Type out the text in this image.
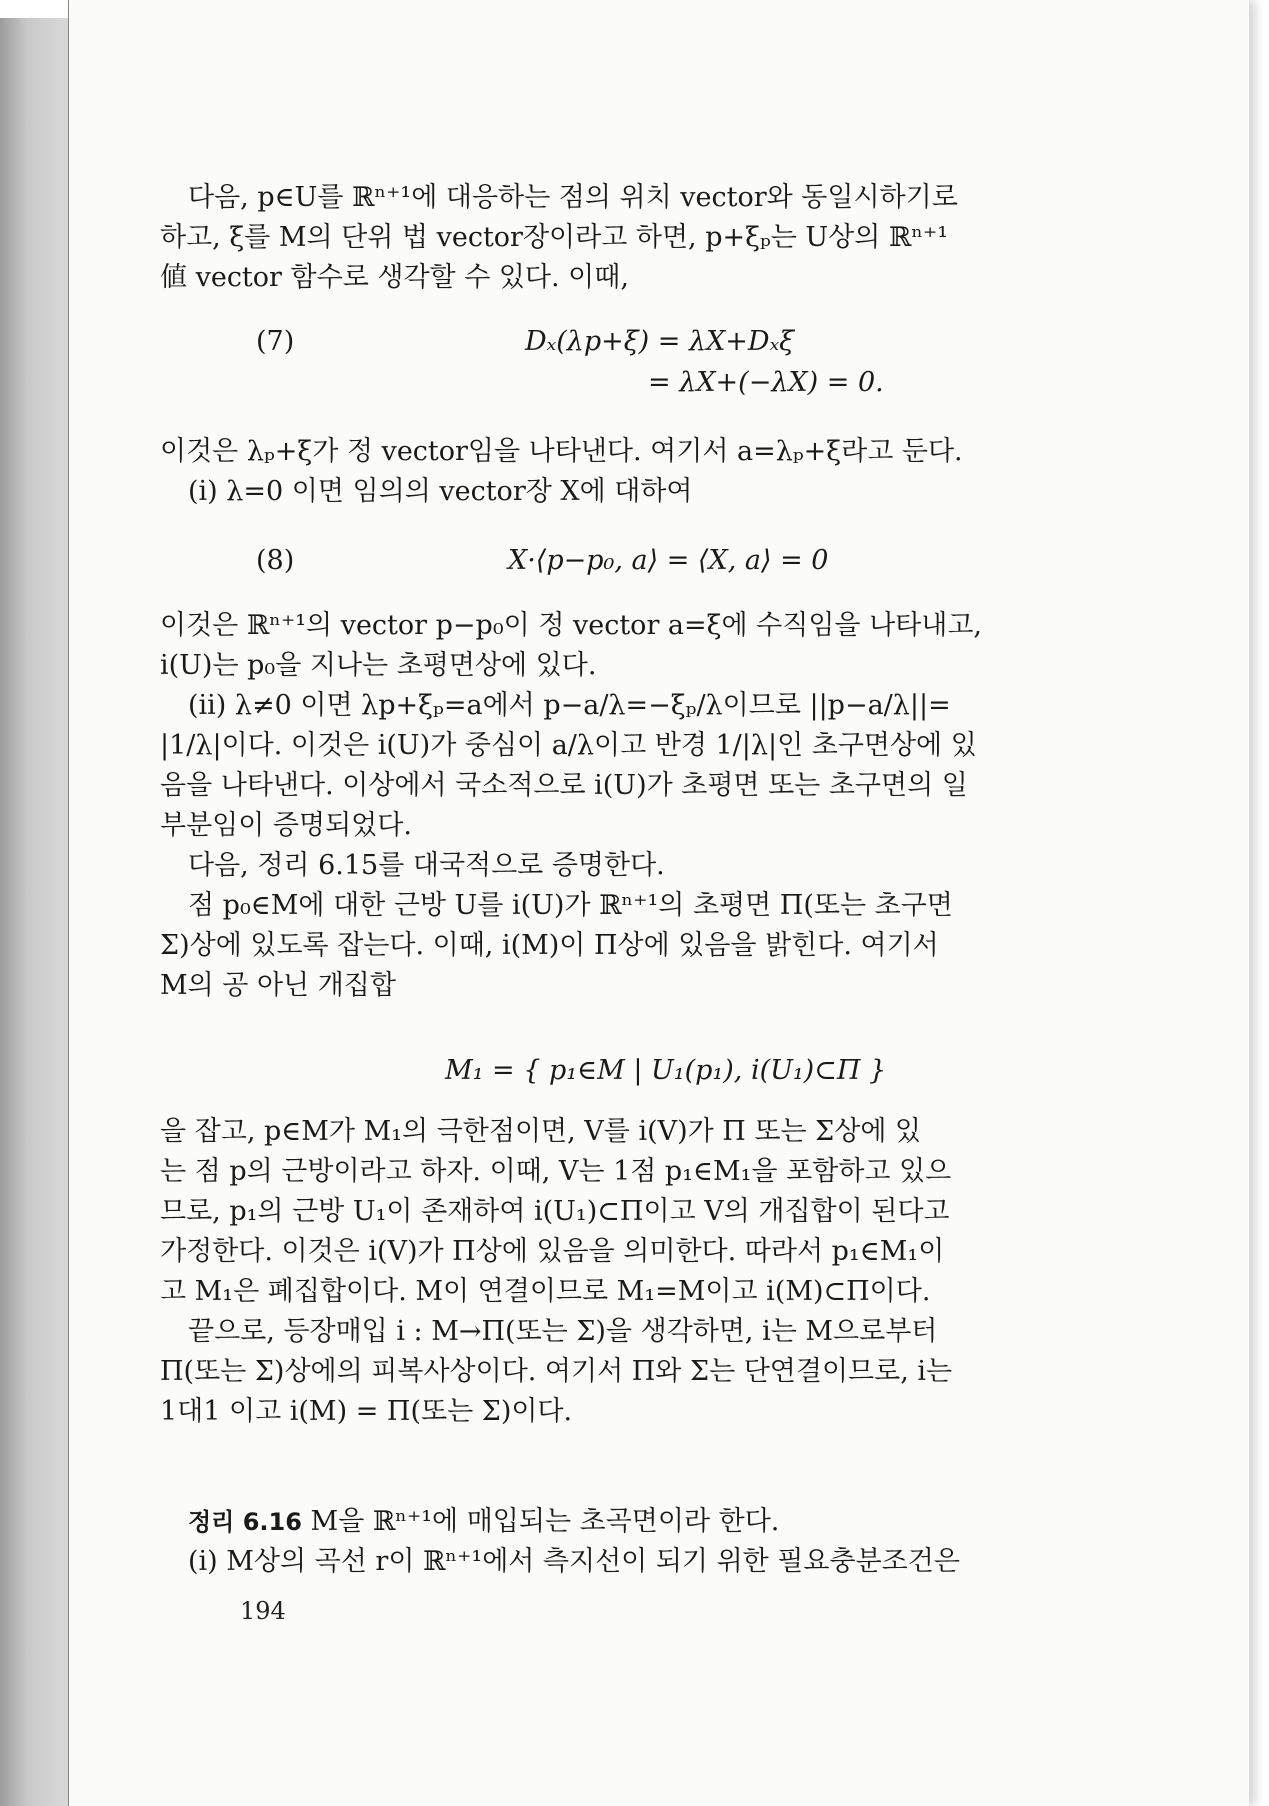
다음, p∈U를 ℝⁿ⁺¹에 대응하는 점의 위치 vector와 동일시하기로
하고, ξ를 M의 단위 법 vector장이라고 하면, p+ξₚ는 U상의 ℝⁿ⁺¹
値 vector 함수로 생각할 수 있다. 이때,
(7)	Dₓ(λp+ξ) = λX+Dₓξ
= λX+(−λX) = 0.
이것은 λₚ+ξ가 정 vector임을 나타낸다. 여기서 a=λₚ+ξ라고 둔다.
(i) λ=0 이면 임의의 vector장 X에 대하여
(8)	X·⟨p−p₀, a⟩ = ⟨X, a⟩ = 0
이것은 ℝⁿ⁺¹의 vector p−p₀이 정 vector a=ξ에 수직임을 나타내고,
i(U)는 p₀을 지나는 초평면상에 있다.
(ii) λ≠0 이면 λp+ξₚ=a에서 p−a/λ=−ξₚ/λ이므로 ||p−a/λ||=
|1/λ|이다. 이것은 i(U)가 중심이 a/λ이고 반경 1/|λ|인 초구면상에 있
음을 나타낸다. 이상에서 국소적으로 i(U)가 초평면 또는 초구면의 일
부분임이 증명되었다.
다음, 정리 6.15를 대국적으로 증명한다.
점 p₀∈M에 대한 근방 U를 i(U)가 ℝⁿ⁺¹의 초평면 Π(또는 초구면
Σ)상에 있도록 잡는다. 이때, i(M)이 Π상에 있음을 밝힌다. 여기서
M의 공 아닌 개집합
M₁ = { p₁∈M | U₁(p₁), i(U₁)⊂Π }
을 잡고, p∈M가 M₁의 극한점이면, V를 i(V)가 Π 또는 Σ상에 있
는 점 p의 근방이라고 하자. 이때, V는 1점 p₁∈M₁을 포함하고 있으
므로, p₁의 근방 U₁이 존재하여 i(U₁)⊂Π이고 V의 개집합이 된다고
가정한다. 이것은 i(V)가 Π상에 있음을 의미한다. 따라서 p₁∈M₁이
고 M₁은 폐집합이다. M이 연결이므로 M₁=M이고 i(M)⊂Π이다.
끝으로, 등장매입 i : M→Π(또는 Σ)을 생각하면, i는 M으로부터
Π(또는 Σ)상에의 피복사상이다. 여기서 Π와 Σ는 단연결이므로, i는
1대1 이고 i(M) = Π(또는 Σ)이다.
정리 6.16 M을 ℝⁿ⁺¹에 매입되는 초곡면이라 한다.
(i) M상의 곡선 r이 ℝⁿ⁺¹에서 측지선이 되기 위한 필요충분조건은
194
